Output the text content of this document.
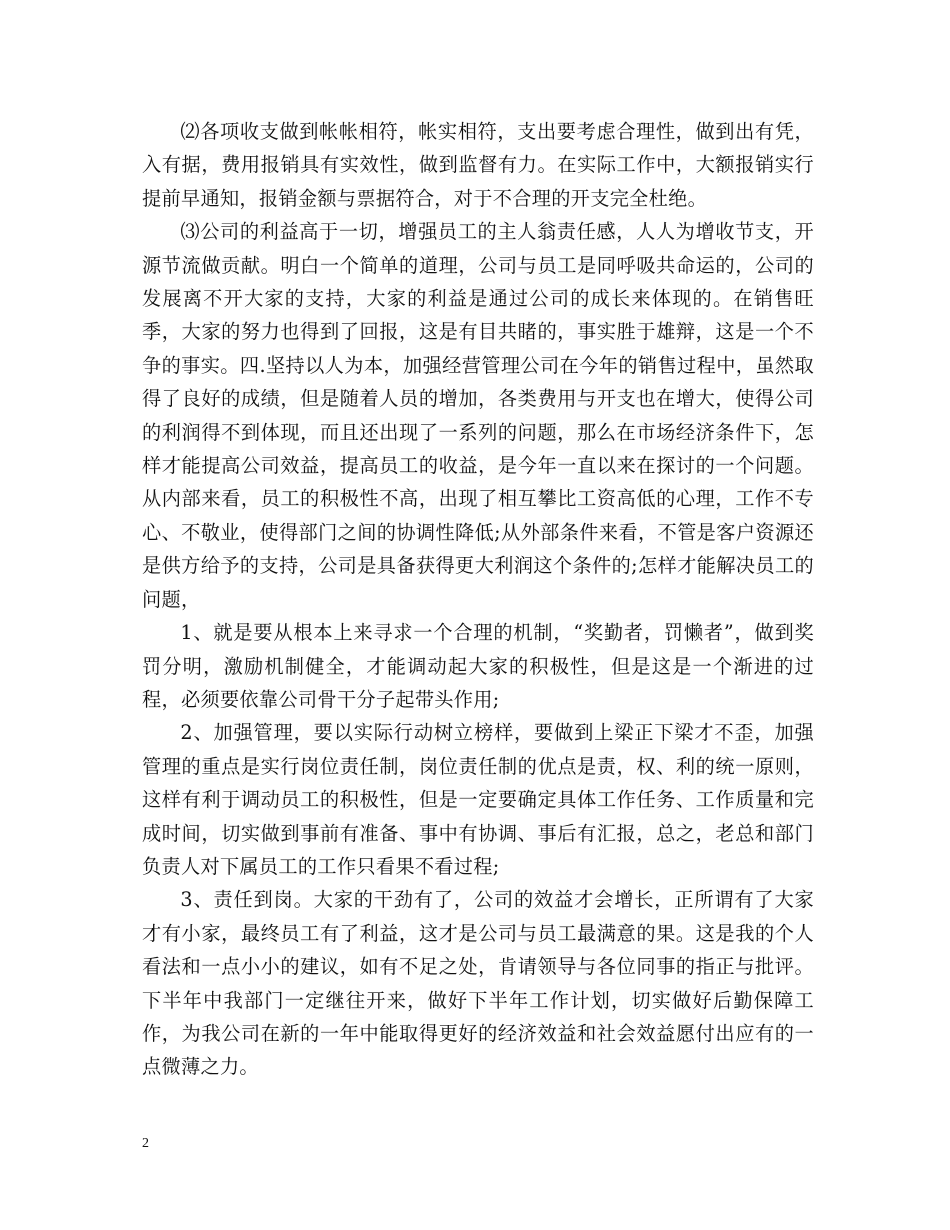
⑵各项收支做到帐帐相符，帐实相符，支出要考虑合理性，做到出有凭，入有据，费用报销具有实效性，做到监督有力。在实际工作中，大额报销实行提前早通知，报销金额与票据符合，对于不合理的开支完全杜绝。

⑶公司的利益高于一切，增强员工的主人翁责任感，人人为增收节支，开源节流做贡献。明白一个简单的道理，公司与员工是同呼吸共命运的，公司的发展离不开大家的支持，大家的利益是通过公司的成长来体现的。在销售旺季，大家的努力也得到了回报，这是有目共睹的，事实胜于雄辩，这是一个不争的事实。四.坚持以人为本，加强经营管理公司在今年的销售过程中，虽然取得了良好的成绩，但是随着人员的增加，各类费用与开支也在增大，使得公司的利润得不到体现，而且还出现了一系列的问题，那么在市场经济条件下，怎样才能提高公司效益，提高员工的收益，是今年一直以来在探讨的一个问题。从内部来看，员工的积极性不高，出现了相互攀比工资高低的心理，工作不专心、不敬业，使得部门之间的协调性降低;从外部条件来看，不管是客户资源还是供方给予的支持，公司是具备获得更大利润这个条件的;怎样才能解决员工的问题，

1、就是要从根本上来寻求一个合理的机制，“奖勤者，罚懒者”，做到奖罚分明，激励机制健全，才能调动起大家的积极性，但是这是一个渐进的过程，必须要依靠公司骨干分子起带头作用;

2、加强管理，要以实际行动树立榜样，要做到上梁正下梁才不歪，加强管理的重点是实行岗位责任制，岗位责任制的优点是责，权、利的统一原则，这样有利于调动员工的积极性，但是一定要确定具体工作任务、工作质量和完成时间，切实做到事前有准备、事中有协调、事后有汇报，总之，老总和部门负责人对下属员工的工作只看果不看过程;

3、责任到岗。大家的干劲有了，公司的效益才会增长，正所谓有了大家才有小家，最终员工有了利益，这才是公司与员工最满意的果。这是我的个人看法和一点小小的建议，如有不足之处，肯请领导与各位同事的指正与批评。下半年中我部门一定继往开来，做好下半年工作计划，切实做好后勤保障工作，为我公司在新的一年中能取得更好的经济效益和社会效益愿付出应有的一点微薄之力。

2
